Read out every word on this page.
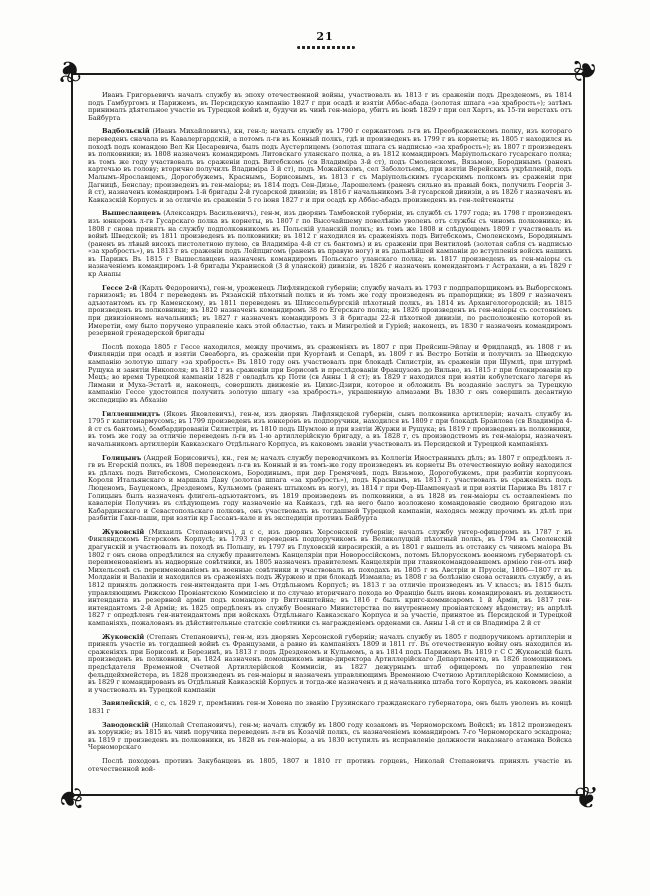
21
❦	❦
❦
❦

Иванъ Григорьевичъ началъ службу въ эпоху отечественной войны, участвовалъ въ 1813 г въ сраженіи подъ Дрезденомъ, въ 1814 подъ Гамбургомъ и Парижемъ, въ Персидскую кампанію 1827 г при осадѣ и взятіи Аббас-абада (золотая шпага «за храбрость»); затѣмъ принималъ дѣятельное участіе въ Турецкой войнѣ и, будучи въ чинѣ ген-маіора, убитъ въ іюнѣ 1829 г при сел Хартъ, въ 15-ти верстахъ отъ Байбурта

Вадбольскій (Иванъ Михайловичъ), кн, ген-л; началъ службу въ 1790 г сержантомъ л-гв въ Преображенскомъ полку, изъ котораго переведенъ сначала въ Кавалергардскій, а потомъ л-гв въ Конный полкъ, гдѣ и произведенъ въ 1799 г въ корнеты; въ 1805 г находился въ походѣ подъ командою Вел Кн Цесаревича, былъ подъ Аустерлицемъ (золотая шпага съ надписью «за храбрость»); въ 1807 г произведенъ въ полковники; въ 1808 назначенъ командиромъ Литовскаго уланскаго полка, а въ 1812 командиромъ Маріупольскаго гусарскаго полка; въ томъ же году участвовалъ въ сраженіи подъ Витебскомъ (св Владиміра 3-й ст), подъ Смоленскомъ, Вязьмою, Бородинымъ (раненъ картечью въ голову; вторично получилъ Владиміра 3 й ст), подъ Можайскомъ, сел Заболотьемъ, при взятіи Верейскихъ укрѣпленій, подъ Малымъ-Ярославцемъ, Дорогобужемъ, Краснымъ, Борисовымъ, въ 1813 г съ Маріупольскимъ гусарскимъ полкомъ въ сраженіи при Дагницѣ, Бенслау; произведенъ въ ген-маіоры; въ 1814 подъ Сен-Дизье, Ларошелемъ (раненъ сильно въ правый бокъ, получилъ Георгія 3-й ст), назначенъ командиромъ 1-й бригады 2-й гусарской дивизіи; въ 1816 г начальникомъ 3-й гусарской дивизіи, а въ 1826 г назначенъ въ Кавказскій Корпусъ и за отличіе въ сраженіи 5 го іюня 1827 г и при осадѣ кр Аббас-абадъ произведенъ въ ген-лейтенанты

Вышеславцевъ (Александръ Васильевичъ), ген-м, изъ дворянъ Тамбовской губерніи, въ службѣ съ 1797 года; въ 1798 г произведенъ изъ юнкеровъ л-гв Гусарскаго полка въ корнеты, въ 1807 г по Высочайшему повелѣнію уволенъ отъ службы съ чиномъ полковника; въ 1808 г снова принятъ на службу подполковникомъ въ Польскій уланскій полкъ; въ томъ же 1808 и слѣдующемъ 1809 г участвовалъ въ войнѣ Шведской; въ 1811 произведенъ въ полковники; въ 1812 г находился въ сраженіяхъ подъ Витебскомъ, Смоленскомъ, Бородинымъ (раненъ въ лѣвый високъ пистолетною пулею, св Владиміра 4-й ст съ бантомъ) и въ сраженіи при Вентиловѣ (золотая сабля съ надписью «за храбрость»), въ 1813 г въ сраженіи подъ Лейпцигомъ (раненъ въ правую ногу) и въ дальнѣйшей кампаніи до вступленія войскъ нашихъ въ Парижъ Въ 1815 г Вышеславцевъ назначенъ командиромъ Польскаго уланскаго полка; въ 1817 произведенъ въ ген-маіоры съ назначеніемъ командиромъ 1-й бригады Украинской (3 й уланской) дивизіи, въ 1826 г назначенъ комендантомъ г Астрахани, а въ 1829 г кр Анапы

Гессе 2-й (Карлъ Федоровичъ), ген-м, уроженецъ Лифляндской губерніи; службу началъ въ 1793 г подпрапорщикомъ въ Выборгскомъ гарнизонѣ; въ 1804 г переведенъ въ Рязанскій пѣхотный полкъ и въ томъ же году произведенъ въ прапорщики; въ 1809 г назначенъ адъютантомъ къ гр Каменскому, въ 1811 переведенъ въ Шлиссельбургскій пѣхотный полкъ, въ 1814 въ Архангелогородскій; въ 1815 произведенъ въ полковники; въ 1820 назначенъ командиромъ 38 го Егерскаго полка; въ 1826 произведенъ въ ген-маіоры съ состояніемъ при дивизіонномъ начальникѣ; въ 1827 г назначенъ командиромъ 3 й бригады 22-й пѣхотной дивизіи, по расположенію которой въ Имеретіи, ему было поручено управленіе какъ этой областью, такъ и Мингреліей и Гуріей; наконецъ, въ 1830 г назначенъ командиромъ резервной гренадерской бригады

Послѣ похода 1805 г Гессе находился, между прочимъ, въ сраженіяхъ въ 1807 г при Прейсиш-Эйлау и Фридландѣ, въ 1808 г въ Финляндіи при осадѣ и взятіи Свеаборга, въ сраженіи при Куортанѣ и Сепарѣ, въ 1809 г въ Вестро Ботніи и получилъ за Шведскую кампанію золотую шпагу «за храбрость» Въ 1810 году онъ участвовалъ при блокадѣ Силистріи, въ сраженіи при Шумлѣ, при штурмѣ Рущука и занятіи Никополя; въ 1812 г въ сраженіи при Борисовѣ и преслѣдованіи Французовъ до Вильно, въ 1815 г при блокированіи кр Мецъ; во время Турецкой кампаніи 1828 г овладѣлъ кр Поти (св Анны 1 й ст); въ 1829 г находился при взятіи кобулетскаго лагеря въ Лимани и Муха-Эстатѣ и, наконецъ, совершилъ движеніе въ Цихис-Дзири, которое и обложилъ Въ воздаяніе заслугъ за Турецкую кампанію Гессе удостоился получить золотую шпагу «за храбрость», украшенную алмазами Въ 1830 г онъ совершилъ десантную экспедицію въ Абхазію

Гилленшмидтъ (Яковъ Яковлевичъ), ген-м, изъ дворянъ Лифляндской губерніи, сынъ полковника артиллеріи; началъ службу въ 1795 г капитенармусомъ; въ 1799 произведенъ изъ юнкеровъ въ подпоручики, находился въ 1809 г при блокадѣ Браилова (св Владиміра 4-й ст съ бантомъ), бомбардированіи Силистріи, въ 1810 подъ Шумлою и при взятіи Журжи и Рущука; въ 1819 г произведенъ въ полковники, въ томъ же году за отличіе переведенъ л-гв въ 1-ю артиллерійскую бригаду, а въ 1828 г, съ производствомъ въ ген-маіоры, назначенъ начальникомъ артиллеріи Кавказскаго Отдѣльнаго Корпуса, въ каковомъ званіи участвовалъ въ Персидской и Турецкой кампаніяхъ

Голицынъ (Андрей Борисовичъ), кн., ген м; началъ службу переводчикомъ въ Коллегіи Иностранныхъ дѣлъ; въ 1807 г опредѣленъ л-гв въ Егерскій полкъ, въ 1808 переведенъ л-гв въ Конный и въ томъ-же году произведенъ въ корнеты Въ отечественную войну находился въ дѣлахъ подъ Витебскомъ, Смоленскомъ, Бородинымъ, при дер Гремячевѣ, подъ Вязьмою, Дорогобужемъ, при разбитіи корпусовъ Короля Итальянскаго и маршала Даву (золотая шпага «за храбрость»), подъ Краснымъ, въ 1813 г. участвовалъ въ сраженіяхъ подъ Люценомъ, Бауценомъ, Дрезденомъ, Кульмомъ (раненъ штыкомъ въ ногу), въ 1814 г при Фер-Шампенуазѣ и при взятіи Парижа Въ 1817 г Голицынъ былъ назначенъ флигель-адъютантомъ, въ 1819 произведенъ въ полковники, а въ 1828 въ ген-маіоры съ оставленіемъ по кавалеріи Получивъ въ слѣдующемъ году назначеніе на Кавказъ, гдѣ на него было возложено командованіе сводною бригадою изъ Кабардинскаго и Севастопольскаго полковъ, онъ участвовалъ въ тогдашней Турецкой кампаніи, находясь между прочимъ въ дѣлѣ при разбитіи Гаки-паши, при взятіи кр Гассанъ-кале и въ экспедиціи противъ Байбурта

Жуковскій (Михаилъ Степановичъ), д с с, изъ дворянъ Херсонской губерніи; началъ службу унтер-офицеромъ въ 1787 г въ Финляндскомъ Егерскомъ Корпусѣ; въ 1793 г переведенъ подпоручикомъ въ Великолуцкій пѣхотный полкъ, въ 1794 въ Смоленскій драгунскій и участвовалъ въ походѣ въ Польшу, въ 1797 въ Глуховскій кирасирскій, а въ 1801 г вышелъ въ отставку съ чиномъ маіора Въ 1802 г онъ снова опредѣлился на службу правителемъ Канцеляріи при Новороссійскомъ, потомъ Бѣлорусскомъ военномъ губернаторѣ съ переименованіемъ въ надворные совѣтники, въ 1805 назначенъ правителемъ Канцеляріи при главнокомандовавшемъ арміею ген-отъ инф Михельсонѣ съ переименованіемъ въ военные совѣтники и участвовалъ въ походахъ въ 1805 г въ Австріи и Пруссіи, 1806—1807 гг въ Молдавіи и Валахіи и находился въ сраженіяхъ подъ Журжею и при блокадѣ Измаила; въ 1808 г за болѣзнію снова оставилъ службу, а въ 1812 принялъ должность ген-интенданта при 1-мъ Отдѣльномъ Корпусѣ; въ 1813 г за отличіе произведенъ въ V классъ; въ 1815 былъ управляющимъ Рижскою Провіантскою Коммисіею и по случаю вторичнаго похода во Францію былъ вновь командированъ въ должность интенданта въ резервной арміи подъ командою гр Витгенштейна; въ 1816 г былъ кригс-коммисаромъ 1 й Арміи, въ 1817 ген-интендантомъ 2-й Арміи; въ 1825 опредѣленъ въ службу Военнаго Министерства по внутреннему провіантскому вѣдомству; въ апрѣлѣ 1827 г опредѣленъ ген-интендантомъ при войскахъ Отдѣльнаго Кавказскаго Корпуса и за участіе, принятое въ Персидской и Турецкой кампаніяхъ, пожалованъ въ дѣйствительные статскіе совѣтники съ награжденіемъ орденами св. Анны 1-й ст и св Владиміра 2 й ст

Жуковскій (Степанъ Степановичъ), ген-м, изъ дворянъ Херсонской губерніи; началъ службу въ 1805 г подпоручикомъ артиллеріи и принялъ участіе въ тогдашней войнѣ съ Французами, а равно въ кампаніяхъ 1809 и 1811 гг. Въ отечественную войну онъ находился въ сраженіяхъ при Борисовѣ и Березинѣ, въ 1813 г подъ Дрезденомъ и Кульмомъ, а въ 1814 подъ Парижемъ Въ 1819 г С С Жуковскій былъ произведенъ въ полковники, въ 1824 назначенъ помощникомъ вице-директора Артиллерійскаго Департамента, въ 1826 помощникомъ предсѣдателя Временной Счетной Артиллерійской Коммисіи, въ 1827 дежурнымъ штаб офицеромъ по управленію ген фельдцейхмейстера, въ 1828 произведенъ въ ген-маіоры и назначенъ управляющимъ Временною Счетною Артиллерійскою Коммисіею, а въ 1829 г командированъ въ Отдѣльный Кавказскій Корпусъ и тогда-же назначенъ и д начальника штаба того Корпуса, въ каковомъ званіи и участвовалъ въ Турецкой кампаніи

Завилейскій, с с, съ 1829 г, премѣнивъ ген-м Ховена по званію Грузинскаго гражданскаго губернатора, онъ былъ уволенъ въ концѣ 1831 г

Заводовскій (Николай Степановичъ), ген-м; началъ службу въ 1800 году козакомъ въ Черноморскомъ Войскѣ; въ 1812 произведенъ въ хорунжіе; въ 1815 въ чинѣ поручика переведенъ л-гв въ Козачій полкъ, съ назначеніемъ командиромъ 7-го Черноморскаго эскадрона; въ 1819 г произведенъ въ полковники, въ 1828 въ ген-маіоры, а въ 1830 вступилъ въ исправленіе должности наказнаго атамана Войска Черноморскаго

Послѣ походовъ противъ Закубанцевъ въ 1805, 1807 и 1810 гг противъ горцевъ, Николай Степановичъ принялъ участіе въ отечественной вой-
